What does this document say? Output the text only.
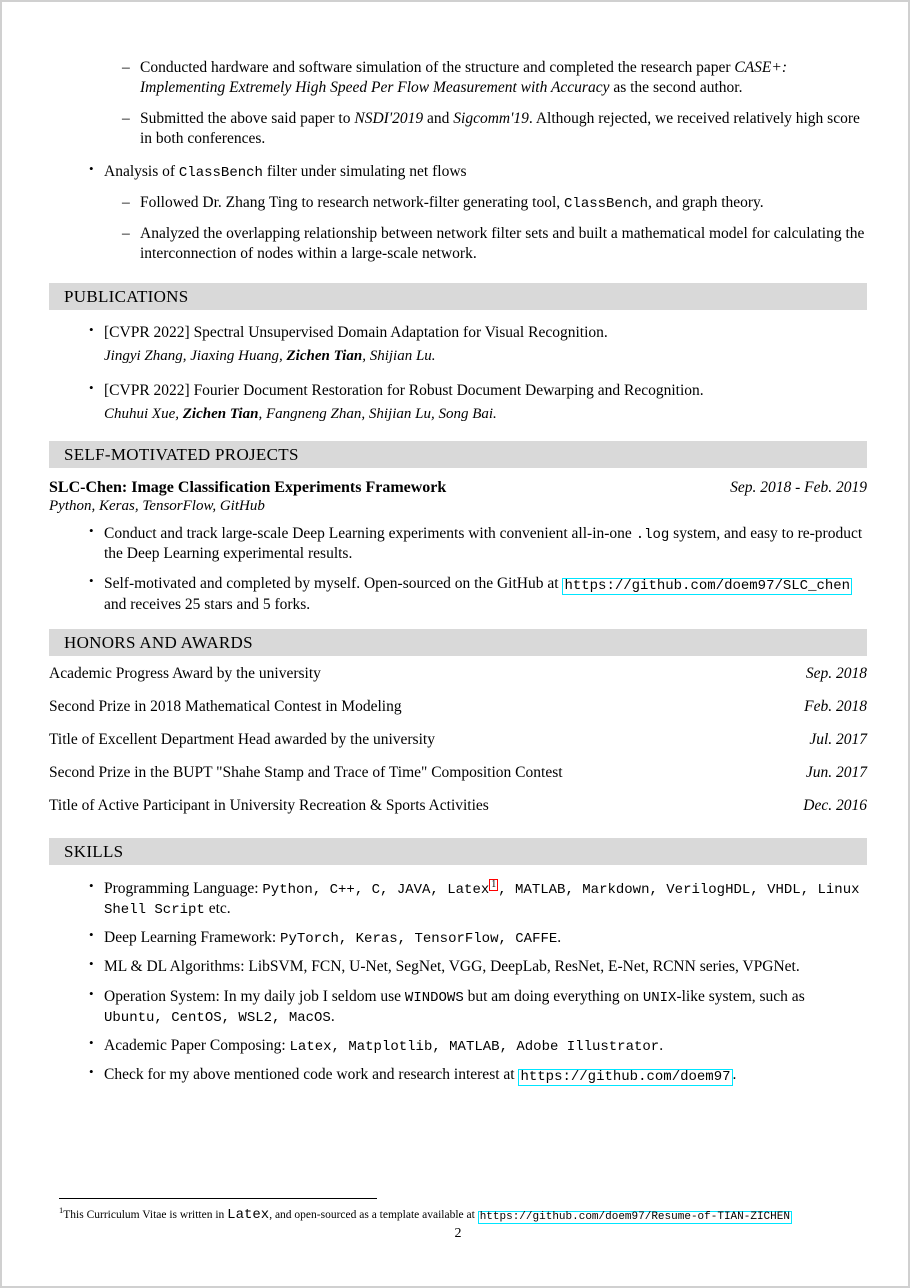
– Conducted hardware and software simulation of the structure and completed the research paper CASE+: Implementing Extremely High Speed Per Flow Measurement with Accuracy as the second author.
– Submitted the above said paper to NSDI'2019 and Sigcomm'19. Although rejected, we received relatively high score in both conferences.
• Analysis of ClassBench filter under simulating net flows
– Followed Dr. Zhang Ting to research network-filter generating tool, ClassBench, and graph theory.
– Analyzed the overlapping relationship between network filter sets and built a mathematical model for calculating the interconnection of nodes within a large-scale network.
PUBLICATIONS
• [CVPR 2022] Spectral Unsupervised Domain Adaptation for Visual Recognition.
Jingyi Zhang, Jiaxing Huang, Zichen Tian, Shijian Lu.
• [CVPR 2022] Fourier Document Restoration for Robust Document Dewarping and Recognition.
Chuhui Xue, Zichen Tian, Fangneng Zhan, Shijian Lu, Song Bai.
SELF-MOTIVATED PROJECTS
SLC-Chen: Image Classification Experiments Framework	Sep. 2018 - Feb. 2019
Python, Keras, TensorFlow, GitHub
• Conduct and track large-scale Deep Learning experiments with convenient all-in-one .log system, and easy to re-product the Deep Learning experimental results.
• Self-motivated and completed by myself. Open-sourced on the GitHub at https://github.com/doem97/SLC_chen and receives 25 stars and 5 forks.
HONORS AND AWARDS
Academic Progress Award by the university	Sep. 2018
Second Prize in 2018 Mathematical Contest in Modeling	Feb. 2018
Title of Excellent Department Head awarded by the university	Jul. 2017
Second Prize in the BUPT "Shahe Stamp and Trace of Time" Composition Contest	Jun. 2017
Title of Active Participant in University Recreation & Sports Activities	Dec. 2016
SKILLS
• Programming Language: Python, C++, C, JAVA, Latex 1 , MATLAB, Markdown, VerilogHDL, VHDL, Linux Shell Script etc.
• Deep Learning Framework: PyTorch, Keras, TensorFlow, CAFFE.
• ML & DL Algorithms: LibSVM, FCN, U-Net, SegNet, VGG, DeepLab, ResNet, E-Net, RCNN series, VPGNet.
• Operation System: In my daily job I seldom use WINDOWS but am doing everything on UNIX-like system, such as Ubuntu, CentOS, WSL2, MacOS.
• Academic Paper Composing: Latex, Matplotlib, MATLAB, Adobe Illustrator.
• Check for my above mentioned code work and research interest at https://github.com/doem97 .
$^1$This Curriculum Vitae is written in Latex, and open-sourced as a template available at https://github.com/doem97/Resume-of-TIAN-ZICHEN
2
